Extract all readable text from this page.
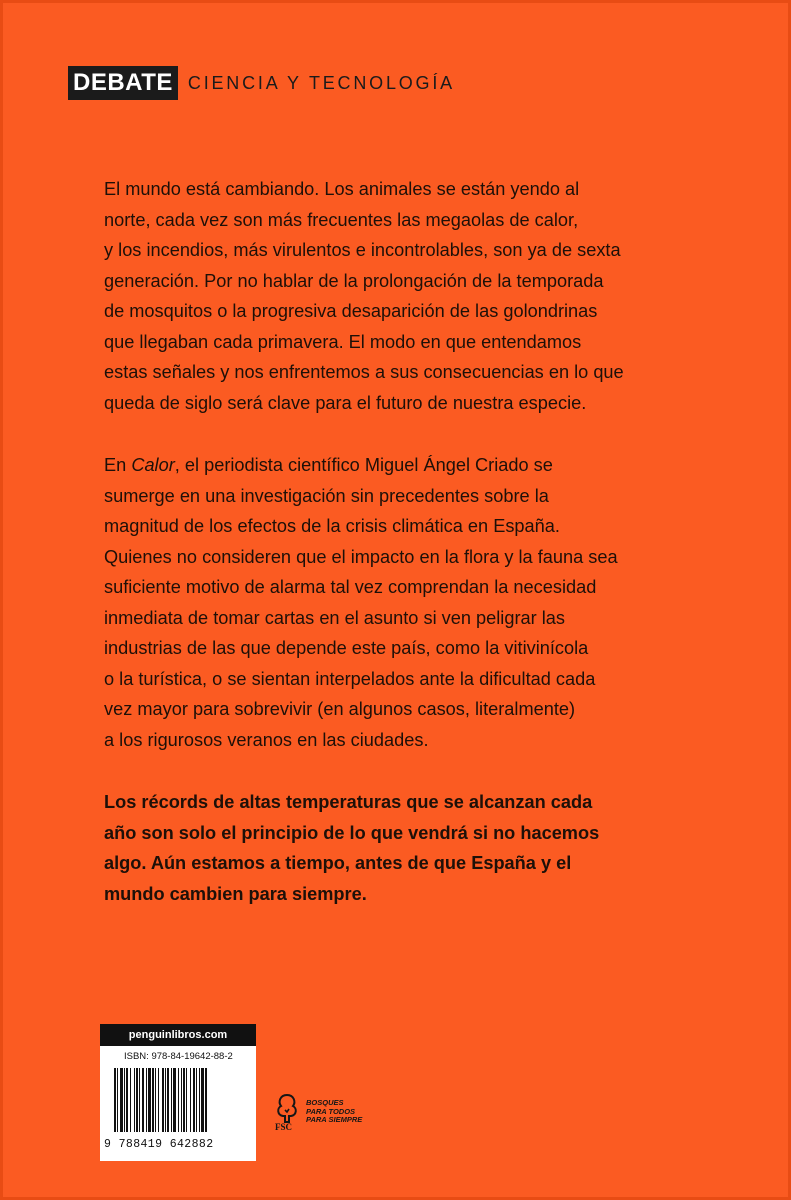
DEBATE CIENCIA Y TECNOLOGÍA

El mundo está cambiando. Los animales se están yendo al
norte, cada vez son más frecuentes las megaolas de calor,
y los incendios, más virulentos e incontrolables, son ya de sexta
generación. Por no hablar de la prolongación de la temporada
de mosquitos o la progresiva desaparición de las golondrinas
que llegaban cada primavera. El modo en que entendamos
estas señales y nos enfrentemos a sus consecuencias en lo que
queda de siglo será clave para el futuro de nuestra especie.

En Calor, el periodista científico Miguel Ángel Criado se
sumerge en una investigación sin precedentes sobre la
magnitud de los efectos de la crisis climática en España.
Quienes no consideren que el impacto en la flora y la fauna sea
suficiente motivo de alarma tal vez comprendan la necesidad
inmediata de tomar cartas en el asunto si ven peligrar las
industrias de las que depende este país, como la vitivinícola
o la turística, o se sientan interpelados ante la dificultad cada
vez mayor para sobrevivir (en algunos casos, literalmente)
a los rigurosos veranos en las ciudades.

Los récords de altas temperaturas que se alcanzan cada
año son solo el principio de lo que vendrá si no hacemos
algo. Aún estamos a tiempo, antes de que España y el
mundo cambien para siempre.

penguinlibros.com
ISBN: 978-84-19642-88-2
9 788419 642882
FSC
BOSQUES
PARA TODOS
PARA SIEMPRE
